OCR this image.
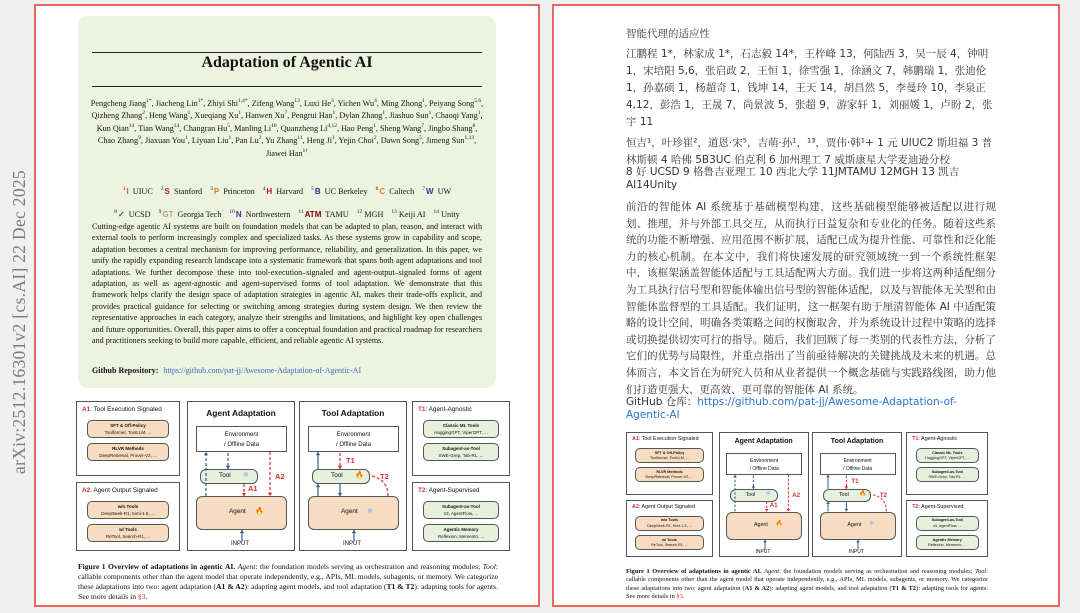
arXiv:2512.16301v2 [cs.AI] 22 Dec 2025
Adaptation of Agentic AI
Pengcheng Jiang$^{1*}$, Jiacheng Lin$^{1*}$, Zhiyi Shi$^{1,4*}$, Zifeng Wang$^{13}$, Luxi He$^3$, Yichen Wu$^4$, Ming Zhong$^1$, Peiyang Song$^{5,6}$, Qizheng Zhang$^2$, Heng Wang$^1$, Xueqiang Xu$^1$, Hanwen Xu$^7$, Pengrui Han$^1$, Dylan Zhang$^1$, Jiashuo Sun$^1$, Chaoqi Yang$^1$, Kun Qian$^{14}$, Tian Wang$^{14}$, Changran Hu$^5$, Manling Li$^{10}$, Quanzheng Li$^{4,12}$, Hao Peng$^1$, Sheng Wang$^7$, Jingbo Shang$^8$, Chao Zhang$^9$, Jiaxuan You$^1$, Liyuan Liu$^1$, Pan Lu$^2$, Yu Zhang$^{11}$, Heng Ji$^1$, Yejin Choi$^2$, Dawn Song$^5$, Jimeng Sun$^{1,13}$, Jiawei Han$^{1\dagger}$
$^1$I UIUC $^2$S Stanford $^3$P Princeton $^4$H Harvard $^5$B UC Berkeley $^6$C Caltech $^7$W UW
$^8$✓ UCSD $^9$GT Georgia Tech $^{10}$N Northwestern $^{11}$ATM TAMU $^{12}$ MGH $^{13}$ Keiji AI $^{14}$ Unity
Cutting-edge agentic AI systems are built on foundation models that can be adapted to plan, reason, and interact with external tools to perform increasingly complex and specialized tasks. As these systems grow in capability and scope, adaptation becomes a central mechanism for improving performance, reliability, and generalization. In this paper, we unify the rapidly expanding research landscape into a systematic framework that spans both agent adaptations and tool adaptations. We further decompose these into tool-execution–signaled and agent-output–signaled forms of agent adaptation, as well as agent-agnostic and agent-supervised forms of tool adaptation. We demonstrate that this framework helps clarify the design space of adaptation strategies in agentic AI, makes their trade-offs explicit, and provides practical guidance for selecting or switching among strategies during system design. We then review the representative approaches in each category, analyze their strengths and limitations, and highlight key open challenges and future opportunities. Overall, this paper aims to offer a conceptual foundation and practical roadmap for researchers and practitioners seeking to build more capable, efficient, and reliable agentic AI systems.
Github Repository: https://github.com/pat-jj/Awesome-Adaptation-of-Agentic-AI
A1: Tool Execution Signaled
SFT & Off-Policy
Toolformer, ToolLLM, ...
RLVR Methods
DeepRetrieval, Prover-V2, ...
A2: Agent Output Signaled
w/o Tools
DeepSeek-R1, Kimi-1.5, ...
w/ Tools
ReTool, Search-R1, ...
T1: Agent-Agnostic
Classic ML Tools
HuggingGPT, ViperGPT, ...
Subagent-as-Tool
SWE-Grep, Tab-RL, ...
T2: Agent-Supervised
Subagent-as-Tool
s3, AgentFlow, ...
Agentic Memory
Reflexion, Memento, ...
Agent Adaptation
Environment
/ Offline Data
Tool ❄
Agent 🔥
INPUT
A1
A2
Tool Adaptation
Environment
/ Offline Data
Tool 🔥
Agent ❄
INPUT
T1
T2
Figure 1 Overview of adaptations in agentic AI. Agent: the foundation models serving as orchestration and reasoning modules; Tool: callable components other than the agent model that operate independently, e.g., APIs, ML models, subagents, or memory. We categorize these adaptations into two: agent adaptation (A1 & A2): adapting agent models, and tool adaptation (T1 & T2): adapting tools for agents. See more details in §3.
智能代理的适应性
江鹏程 1*，林家成 1*，石志毅 14*，王梓峰 13，何陆西 3，吴一辰 4，钟明 1，宋培阳 5,6，张启政 2，王恒 1，徐雪强 1，徐涵文 7，韩鹏瑞 1，张迪伦 1，孙嘉硕 1，杨超奇 1，钱坤 14，王天 14，胡昌然 5，李曼玲 10，李泉正 4,12，彭浩 1，王晟 7，尚景波 5，张超 9，游家轩 1，刘丽媛 1，卢盼 2，张宇 11
恒吉¹，叶珍崔²，道恩·宋⁵，吉萌·孙¹，¹³，贾伟·韩¹+ 1 元 UIUC2 斯坦福 3 普林斯顿 4 哈佛 5B3UC 伯克利 6 加州理工 7 威斯康星大学麦迪逊分校
8 好 UCSD 9 格鲁吉亚理工 10 西北大学 11JMTAMU 12MGH 13 凯吉 AI14Unity
前沿的智能体 AI 系统基于基础模型构建，这些基础模型能够被适配以进行规划、推理，并与外部工具交互，从而执行日益复杂和专业化的任务。随着这些系统的功能不断增强、应用范围不断扩展，适配已成为提升性能、可靠性和泛化能力的核心机制。在本文中，我们将快速发展的研究领域统一到一个系统性框架中，该框架涵盖智能体适配与工具适配两大方面。我们进一步将这两种适配细分为工具执行信号型和智能体输出信号型的智能体适配，以及与智能体无关型和由智能体监督型的工具适配。我们证明，这一框架有助于厘清智能体 AI 中适配策略的设计空间，明确各类策略之间的权衡取舍，并为系统设计过程中策略的选择或切换提供切实可行的指导。随后，我们回顾了每一类别的代表性方法，分析了它们的优势与局限性，并重点指出了当前亟待解决的关键挑战及未来的机遇。总体而言，本文旨在为研究人员和从业者提供一个概念基础与实践路线图，助力他们打造更强大、更高效、更可靠的智能体 AI 系统。
GitHub 仓库：https://github.com/pat-jj/Awesome-Adaptation-of-Agentic-AI
A1: Tool Execution Signaled
SFT & Off-Policy
Toolformer, ToolLLM, ...
RLVR Methods
DeepRetrieval, Prover-V2, ...
A2: Agent Output Signaled
w/o Tools
DeepSeek-R1, Kimi-1.5, ...
w/ Tools
ReTool, Search-R1, ...
T1: Agent-Agnostic
Classic ML Tools
HuggingGPT, ViperGPT, ...
Subagent-as-Tool
SWE-Grep, Tab-RL, ...
T2: Agent-Supervised
Subagent-as-Tool
s3, AgentFlow, ...
Agentic Memory
Reflexion, Memento, ...
Agent Adaptation
Environment
/ Offline Data
Tool ❄
Agent 🔥
INPUT
A1
A2
Tool Adaptation
Environment
/ Offline Data
Tool 🔥
Agent ❄
INPUT
T1
T2
Figure 1 Overview of adaptations in agentic AI. Agent: the foundation models serving as orchestration and reasoning modules; Tool: callable components other than the agent model that operate independently, e.g., APIs, ML models, subagents, or memory. We categorize these adaptations into two: agent adaptation (A1 & A2): adapting agent models, and tool adaptation (T1 & T2): adapting tools for agents. See more details in §3.
